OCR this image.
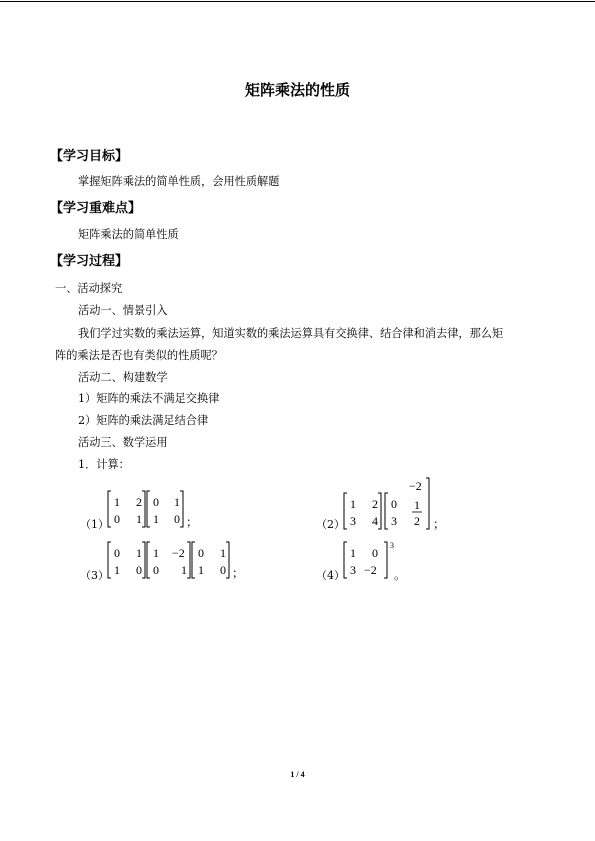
矩阵乘法的性质
【学习目标】
掌握矩阵乘法的简单性质，会用性质解题
【学习重难点】
矩阵乘法的简单性质
【学习过程】
一、活动探究
活动一、情景引入
我们学过实数的乘法运算，知道实数的乘法运算具有交换律、结合律和消去律，那么矩
阵的乘法是否也有类似的性质呢？
活动二、构建数学
1）矩阵的乘法不满足交换律
2）矩阵的乘法满足结合律
活动三、数学运用
1．计算：
（1）
1 2
0 1
0 1
1 0 ；	（2）
1 2
3 4
0
−2
3
1
2 ；
（3）
0 1
1 0
1 −2
0 1
0 1
1 0 ；	（4）
1 0
3 −2
3
。
1 / 4
